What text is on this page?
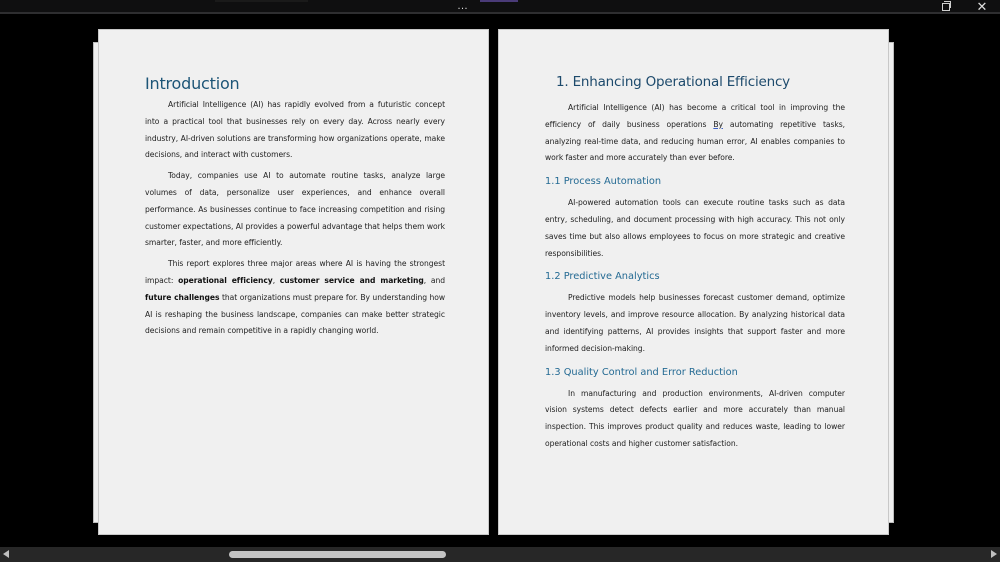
…	✕
Introduction

Artificial Intelligence (AI) has rapidly evolved from a futuristic concept into a practical tool that businesses rely on every day. Across nearly every industry, AI-driven solutions are transforming how organizations operate, make decisions, and interact with customers.

Today, companies use AI to automate routine tasks, analyze large volumes of data, personalize user experiences, and enhance overall performance. As businesses continue to face increasing competition and rising customer expectations, AI provides a powerful advantage that helps them work smarter, faster, and more efficiently.

This report explores three major areas where AI is having the strongest impact: operational efficiency, customer service and marketing, and future challenges that organizations must prepare for. By understanding how AI is reshaping the business landscape, companies can make better strategic decisions and remain competitive in a rapidly changing world.

1. Enhancing Operational Efficiency

Artificial Intelligence (AI) has become a critical tool in improving the efficiency of daily business operations By automating repetitive tasks, analyzing real-time data, and reducing human error, AI enables companies to work faster and more accurately than ever before.

1.1 Process Automation

AI-powered automation tools can execute routine tasks such as data entry, scheduling, and document processing with high accuracy. This not only saves time but also allows employees to focus on more strategic and creative responsibilities.

1.2 Predictive Analytics

Predictive models help businesses forecast customer demand, optimize inventory levels, and improve resource allocation. By analyzing historical data and identifying patterns, AI provides insights that support faster and more informed decision-making.

1.3 Quality Control and Error Reduction

In manufacturing and production environments, AI-driven computer vision systems detect defects earlier and more accurately than manual inspection. This improves product quality and reduces waste, leading to lower operational costs and higher customer satisfaction.
